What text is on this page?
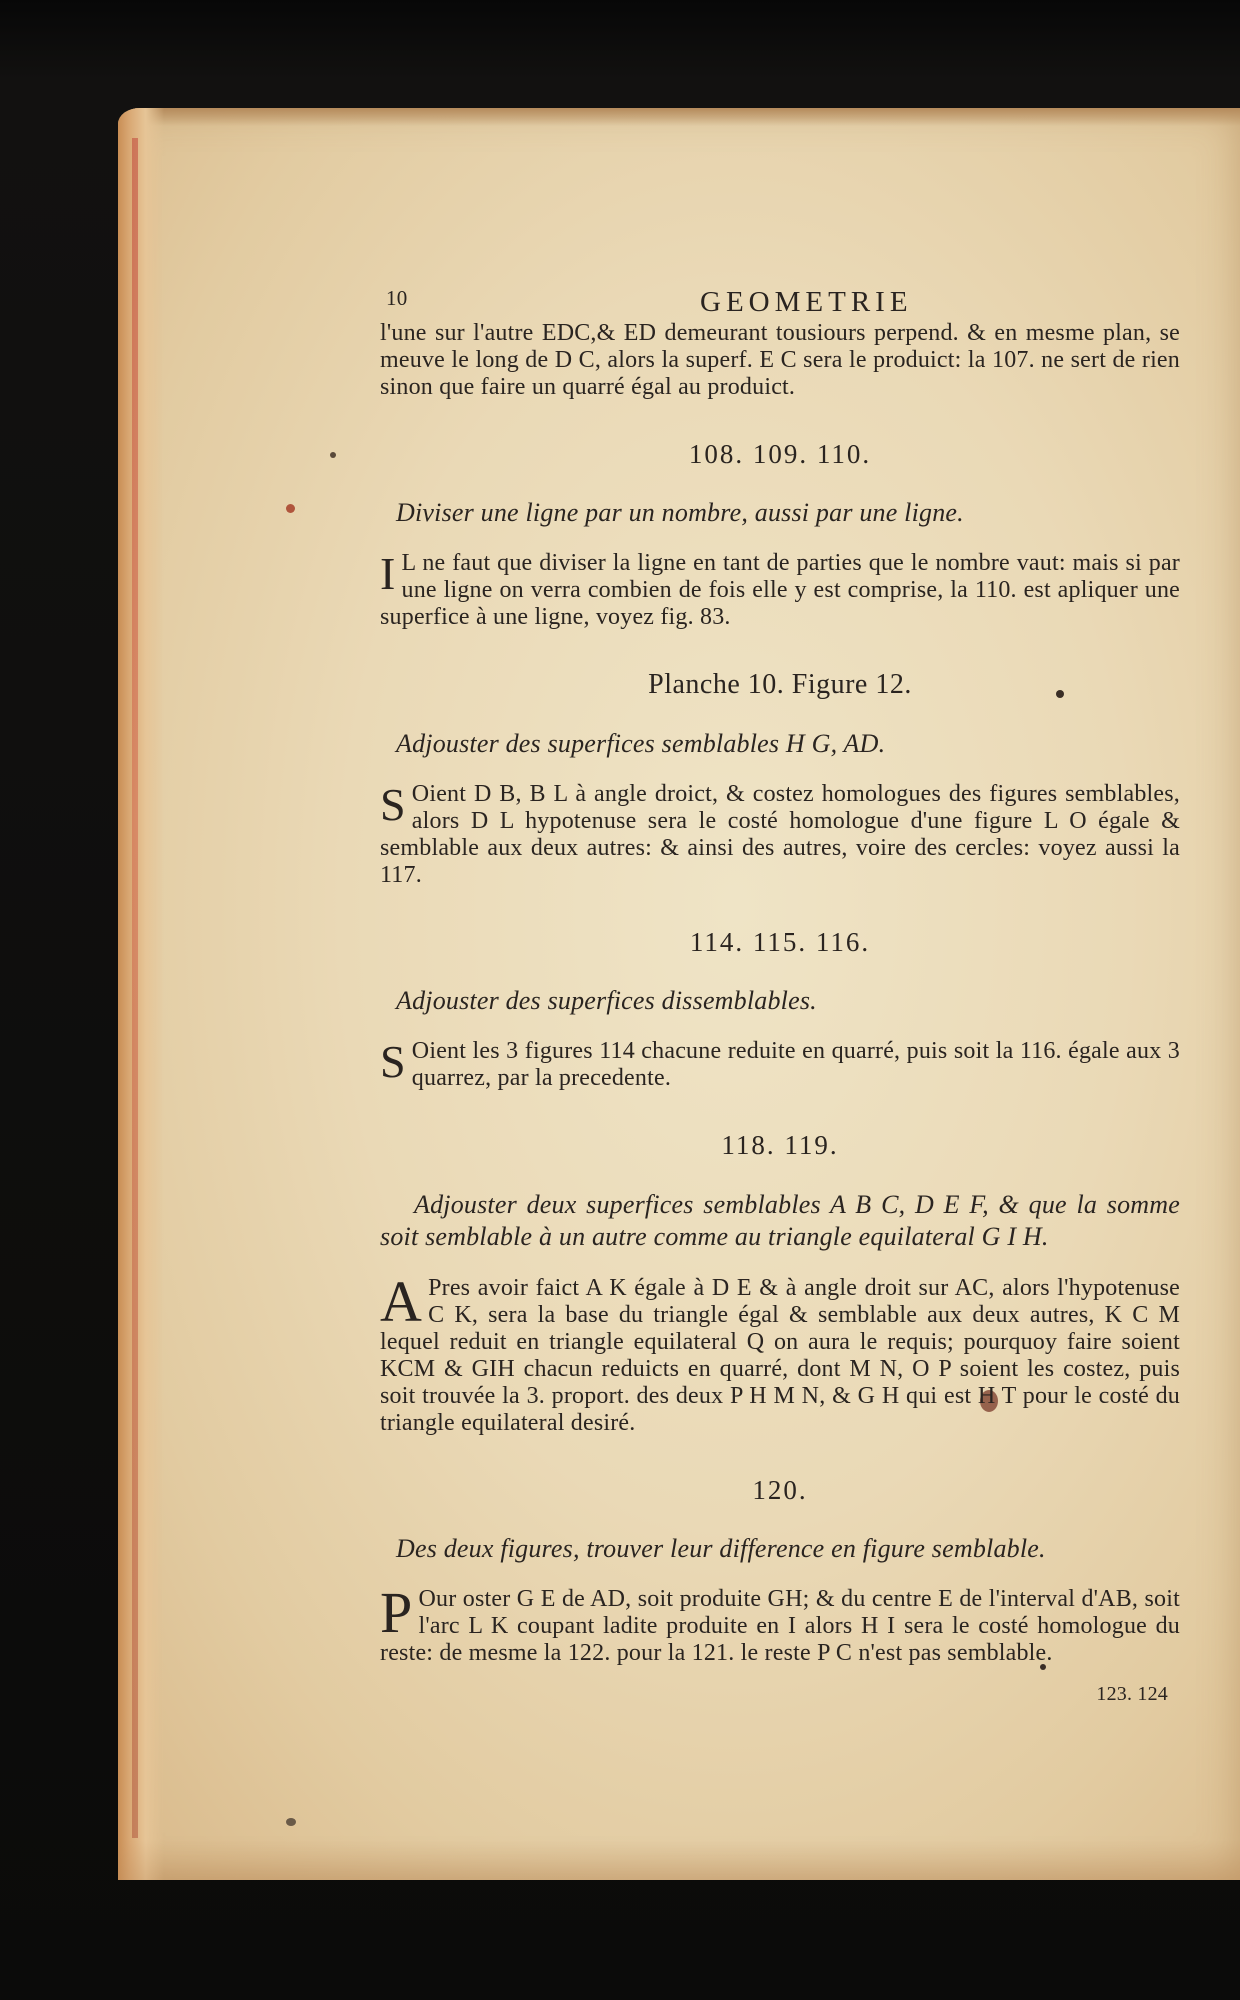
10	GEOMETRIE

l'une sur l'autre EDC,& ED demeurant tousiours perpend. & en mesme plan, se meuve le long de D C, alors la superf. E C sera le produict: la 107. ne sert de rien sinon que faire un quarré égal au produict.

108. 109. 110.
Diviser une ligne par un nombre, aussi par une ligne.

I L ne faut que diviser la ligne en tant de parties que le nombre vaut: mais si par une ligne on verra combien de fois elle y est comprise, la 110. est apliquer une superfice à une ligne, voyez fig. 83.

Planche 10. Figure 12.
Adjouster des superfices semblables H G, AD.

S Oient D B, B L à angle droict, & costez homologues des figures semblables, alors D L hypotenuse sera le costé homologue d'une figure L O égale & semblable aux deux autres: & ainsi des autres, voire des cercles: voyez aussi la 117.

114. 115. 116.
Adjouster des superfices dissemblables.

S Oient les 3 figures 114 chacune reduite en quarré, puis soit la 116. égale aux 3 quarrez, par la precedente.

118. 119.
Adjouster deux superfices semblables A B C, D E F, & que la somme soit semblable à un autre comme au triangle equilateral G I H.

A Pres avoir faict A K égale à D E & à angle droit sur AC, alors l'hypotenuse C K, sera la base du triangle égal & semblable aux deux autres, K C M lequel reduit en triangle equilateral Q on aura le requis; pourquoy faire soient KCM & GIH chacun reduicts en quarré, dont M N, O P soient les costez, puis soit trouvée la 3. proport. des deux P H M N, & G H qui est H T pour le costé du triangle equilateral desiré.

120.
Des deux figures, trouver leur difference en figure semblable.

P Our oster G E de AD, soit produite GH; & du centre E de l'interval d'AB, soit l'arc L K coupant ladite produite en I alors H I sera le costé homologue du reste: de mesme la 122. pour la 121. le reste P C n'est pas semblable.

123. 124
